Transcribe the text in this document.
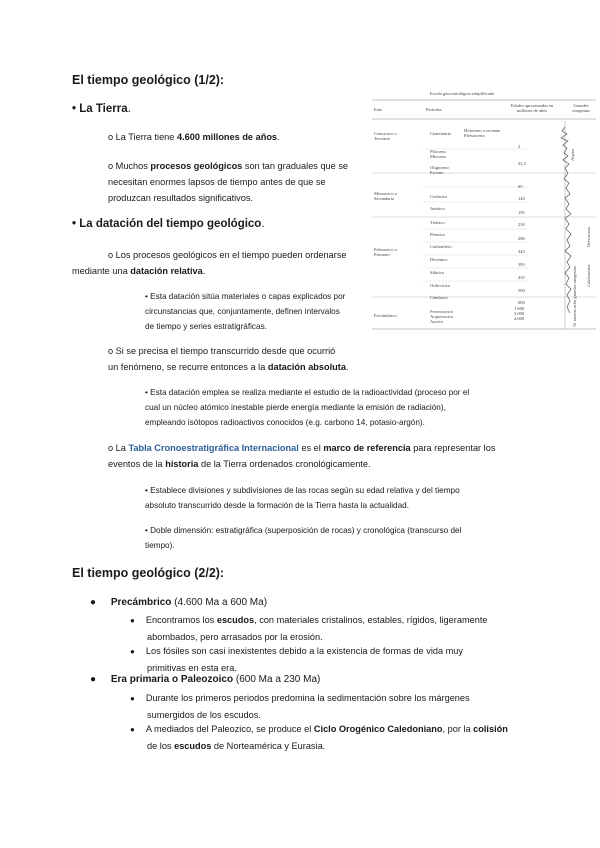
El tiempo geológico (1/2):
• La Tierra.
o La Tierra tiene 4.600 millones de años.
o Muchos procesos geológicos son tan graduales que se
necesitan enormes lapsos de tiempo antes de que se
produzcan resultados significativos.
• La datación del tiempo geológico.
o Los procesos geológicos en el tiempo pueden ordenarse
mediante una datación relativa.
• Esta datación sitúa materiales o capas explicados por
circunstancias que, conjuntamente, definen intervalos
de tiempo y series estratigráficas.
o Si se precisa el tiempo transcurrido desde que ocurrió
un fenómeno, se recurre entonces a la datación absoluta.
• Esta datación emplea se realiza mediante el estudio de la radioactividad (proceso por el
cual un núcleo atómico inestable pierde energía mediante la emisión de radiación),
empleando isótopos radioactivos conocidos (e.g. carbono 14, potasio-argón).
o La Tabla Cronoestratigráfica Internacional es el marco de referencia para representar los
eventos de la historia de la Tierra ordenados cronológicamente.
• Establece divisiones y subdivisiones de las rocas según su edad relativa y del tiempo
absoluto transcurrido desde la formación de la Tierra hasta la actualidad.
• Doble dimensión: estratigráfica (superposición de rocas) y cronológica (transcurso del
tiempo).
El tiempo geológico (2/2):
● Precámbrico (4.600 Ma a 600 Ma)
● Encontramos los escudos, con materiales cristalinos, estables, rígidos, ligeramente
abombados, pero arrasados por la erosión.
● Los fósiles son casi inexistentes debido a la existencia de formas de vida muy
primitivas en esta era.
● Era primaria o Paleozoico (600 Ma a 230 Ma)
● Durante los primeros periodos predomina la sedimentación sobre los márgenes
sumergidos de los escudos.
● A mediados del Paleozico, se produce el Ciclo Orogénico Caledoniano, por la colisión
de los escudos de Norteamérica y Eurasia.
Escala geocronológica simplificada
Eras	Periodos
Edades aproximadas en millones de años
Grandes orogenias
Cenozoico o Terciario
Mesozoico o Secundario
Paleozoico o Primario
Precámbrico
Cuaternario
Holoceno o reciente Pleistoceno
Plioceno Mioceno
Oligoceno Eoceno
Cretácico
Jurásico
Triásico
Pérmico
Carbonífero
Devónico
Silúrico
Ordovícico
Cámbrico
Proterozoico Arqueozoico Azoico
2
22,5
65
140
195
230
280
345
395
435
500
600
1.600 3.000 4.600
Alpina
Herciniana
Caledoniana
Al menos ocho grandes orogenias
